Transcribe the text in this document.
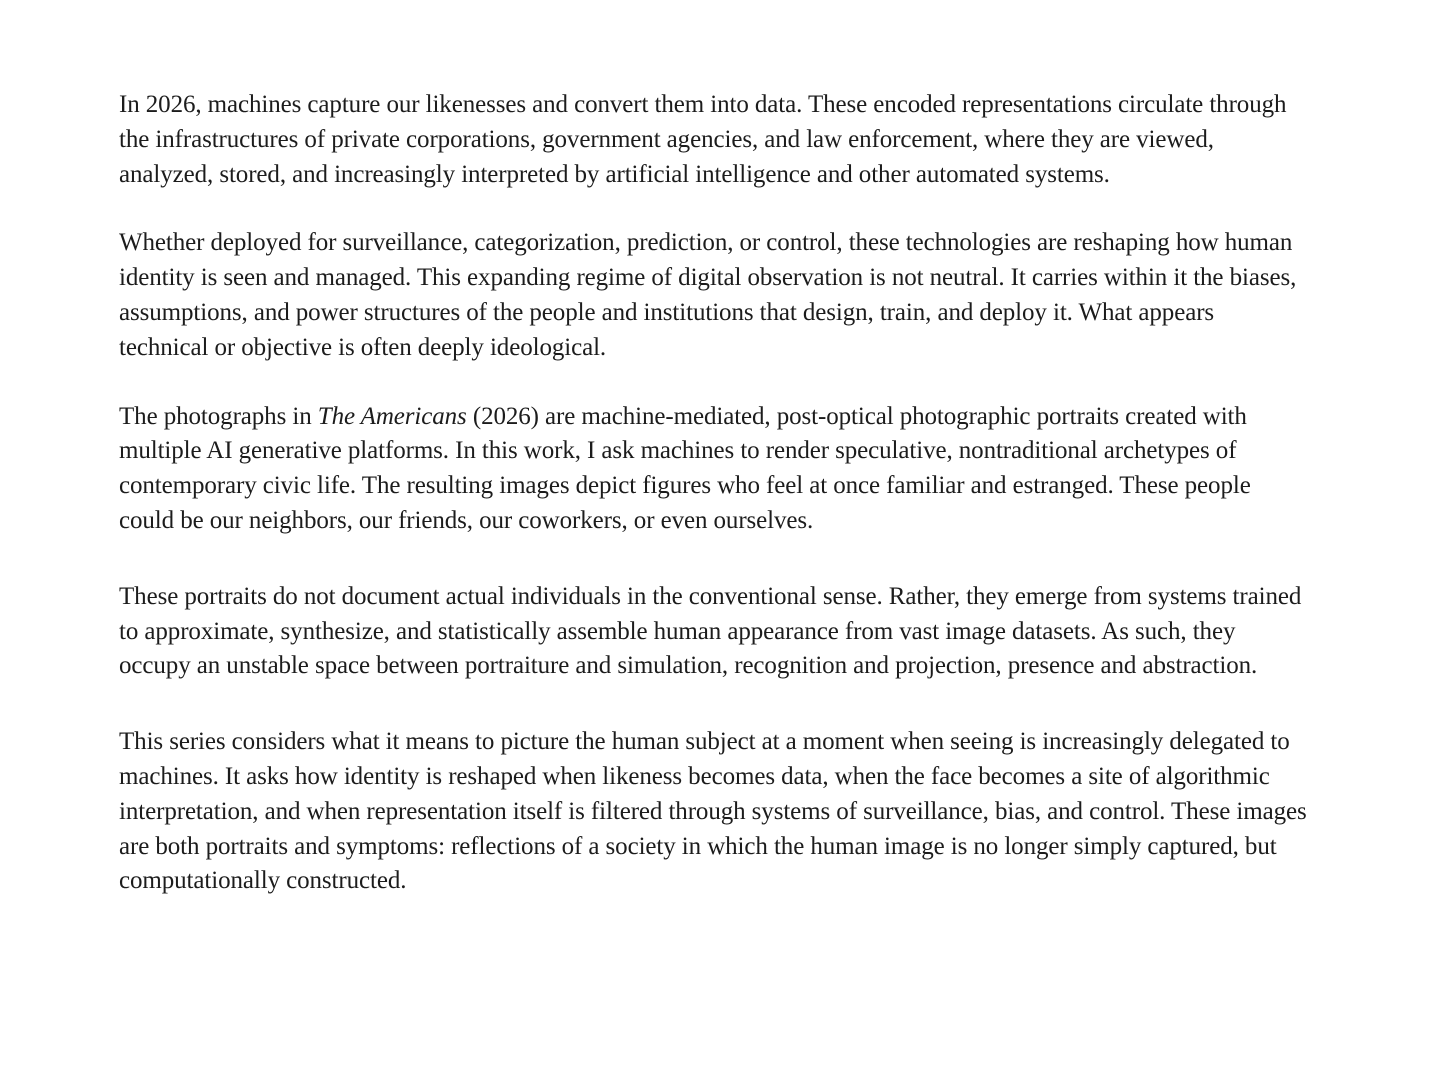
In 2026, machines capture our likenesses and convert them into data. These encoded representations circulate through the infrastructures of private corporations, government agencies, and law enforcement, where they are viewed, analyzed, stored, and increasingly interpreted by artificial intelligence and other automated systems.

Whether deployed for surveillance, categorization, prediction, or control, these technologies are reshaping how human identity is seen and managed. This expanding regime of digital observation is not neutral. It carries within it the biases, assumptions, and power structures of the people and institutions that design, train, and deploy it. What appears technical or objective is often deeply ideological.

The photographs in The Americans (2026) are machine-mediated, post-optical photographic portraits created with multiple AI generative platforms. In this work, I ask machines to render speculative, nontraditional archetypes of contemporary civic life. The resulting images depict figures who feel at once familiar and estranged. These people could be our neighbors, our friends, our coworkers, or even ourselves.

These portraits do not document actual individuals in the conventional sense. Rather, they emerge from systems trained to approximate, synthesize, and statistically assemble human appearance from vast image datasets. As such, they occupy an unstable space between portraiture and simulation, recognition and projection, presence and abstraction.

This series considers what it means to picture the human subject at a moment when seeing is increasingly delegated to machines. It asks how identity is reshaped when likeness becomes data, when the face becomes a site of algorithmic interpretation, and when representation itself is filtered through systems of surveillance, bias, and control. These images are both portraits and symptoms: reflections of a society in which the human image is no longer simply captured, but computationally constructed.
